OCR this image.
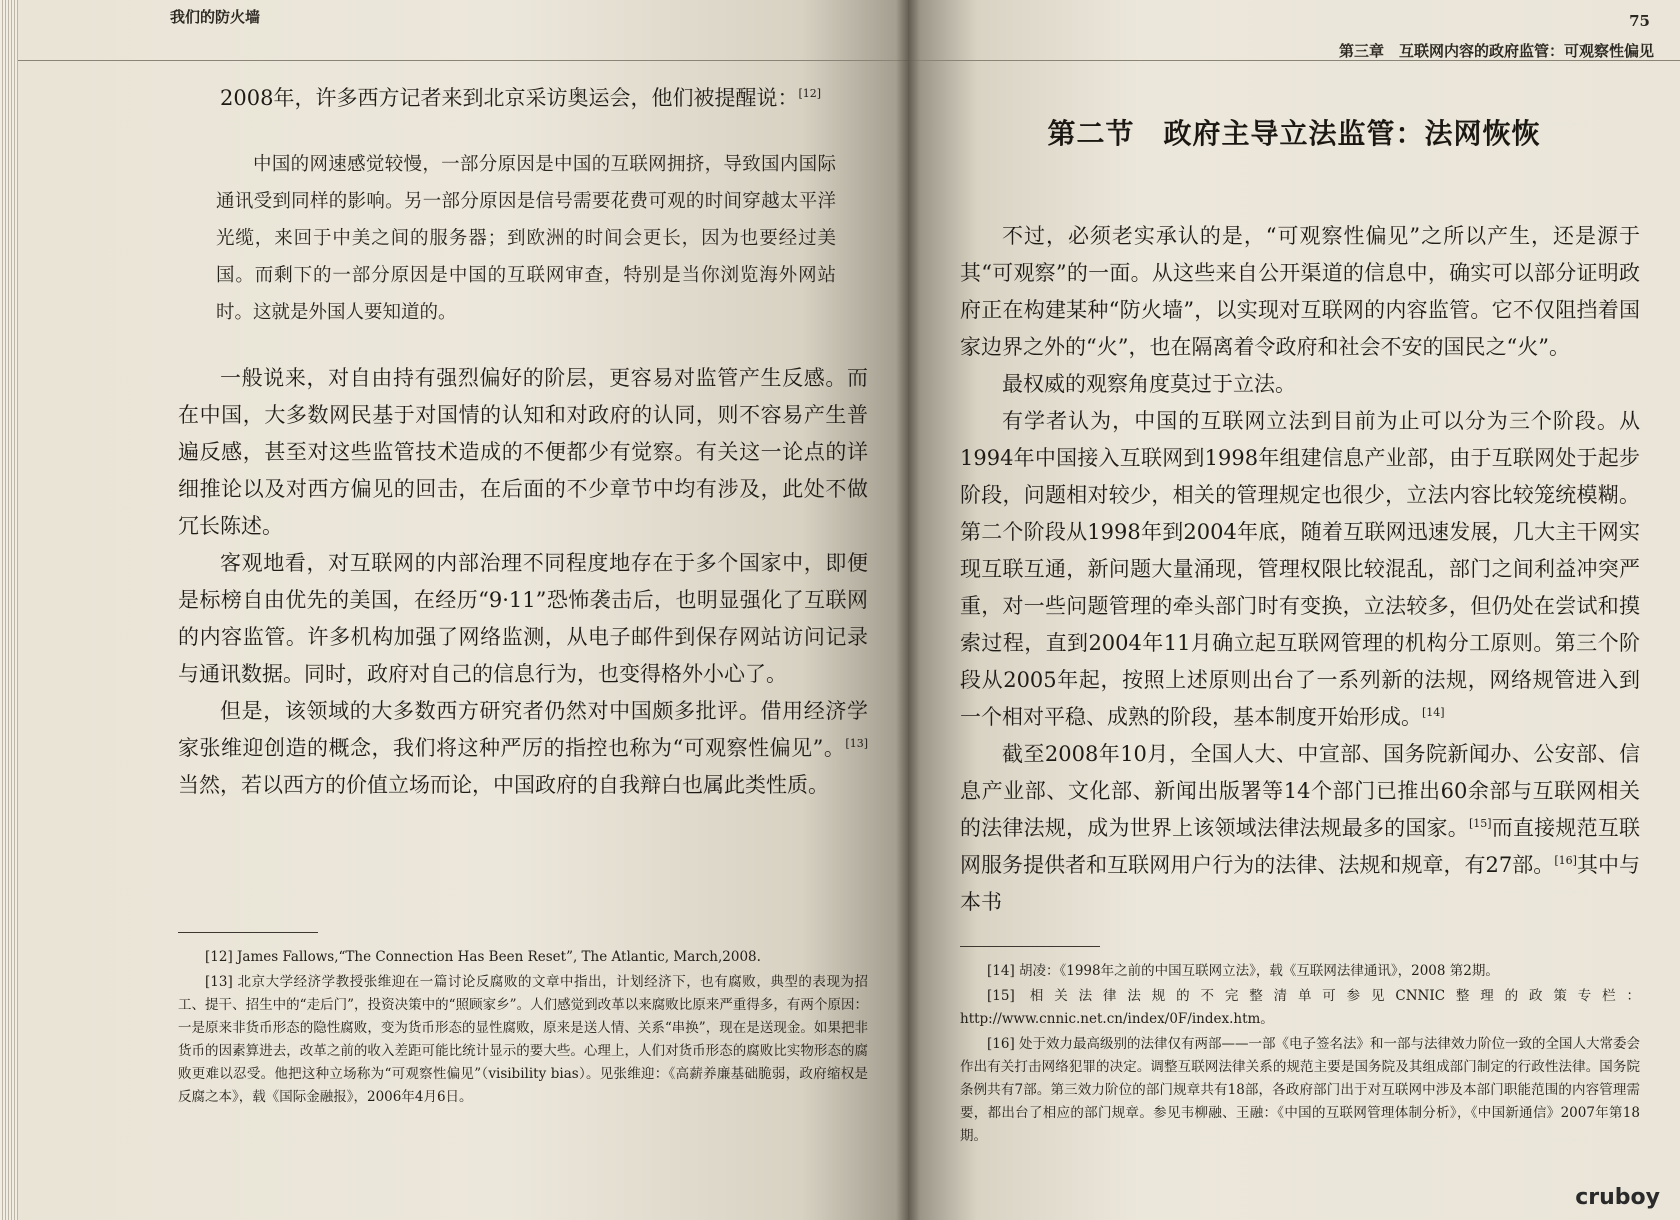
我们的防火墙

2008年，许多西方记者来到北京采访奥运会，他们被提醒说：[12]

中国的网速感觉较慢，一部分原因是中国的互联网拥挤，导致国内国际通讯受到同样的影响。另一部分原因是信号需要花费可观的时间穿越太平洋光缆，来回于中美之间的服务器；到欧洲的时间会更长，因为也要经过美国。而剩下的一部分原因是中国的互联网审查，特别是当你浏览海外网站时。这就是外国人要知道的。

一般说来，对自由持有强烈偏好的阶层，更容易对监管产生反感。而在中国，大多数网民基于对国情的认知和对政府的认同，则不容易产生普遍反感，甚至对这些监管技术造成的不便都少有觉察。有关这一论点的详细推论以及对西方偏见的回击，在后面的不少章节中均有涉及，此处不做冗长陈述。

客观地看，对互联网的内部治理不同程度地存在于多个国家中，即便是标榜自由优先的美国，在经历“9·11”恐怖袭击后，也明显强化了互联网的内容监管。许多机构加强了网络监测，从电子邮件到保存网站访问记录与通讯数据。同时，政府对自己的信息行为，也变得格外小心了。

但是，该领域的大多数西方研究者仍然对中国颇多批评。借用经济学家张维迎创造的概念，我们将这种严厉的指控也称为“可观察性偏见”。[13]当然，若以西方的价值立场而论，中国政府的自我辩白也属此类性质。

[12] James Fallows,“The Connection Has Been Reset”, The Atlantic, March,2008.

[13] 北京大学经济学教授张维迎在一篇讨论反腐败的文章中指出，计划经济下，也有腐败，典型的表现为招工、提干、招生中的“走后门”，投资决策中的“照顾家乡”。人们感觉到改革以来腐败比原来严重得多，有两个原因：一是原来非货币形态的隐性腐败，变为货币形态的显性腐败，原来是送人情、关系“串换”，现在是送现金。如果把非货币的因素算进去，改革之前的收入差距可能比统计显示的要大些。心理上，人们对货币形态的腐败比实物形态的腐败更难以忍受。他把这种立场称为“可观察性偏见”（visibility bias）。见张维迎：《高薪养廉基础脆弱，政府缩权是反腐之本》，载《国际金融报》，2006年4月6日。

75
第三章　互联网内容的政府监管：可观察性偏见
第二节　政府主导立法监管：法网恢恢

不过，必须老实承认的是，“可观察性偏见”之所以产生，还是源于其“可观察”的一面。从这些来自公开渠道的信息中，确实可以部分证明政府正在构建某种“防火墙”，以实现对互联网的内容监管。它不仅阻挡着国家边界之外的“火”，也在隔离着令政府和社会不安的国民之“火”。

最权威的观察角度莫过于立法。

有学者认为，中国的互联网立法到目前为止可以分为三个阶段。从1994年中国接入互联网到1998年组建信息产业部，由于互联网处于起步阶段，问题相对较少，相关的管理规定也很少，立法内容比较笼统模糊。第二个阶段从1998年到2004年底，随着互联网迅速发展，几大主干网实现互联互通，新问题大量涌现，管理权限比较混乱，部门之间利益冲突严重，对一些问题管理的牵头部门时有变换，立法较多，但仍处在尝试和摸索过程，直到2004年11月确立起互联网管理的机构分工原则。第三个阶段从2005年起，按照上述原则出台了一系列新的法规，网络规管进入到一个相对平稳、成熟的阶段，基本制度开始形成。[14]

截至2008年10月，全国人大、中宣部、国务院新闻办、公安部、信息产业部、文化部、新闻出版署等14个部门已推出60余部与互联网相关的法律法规，成为世界上该领域法律法规最多的国家。[15]而直接规范互联网服务提供者和互联网用户行为的法律、法规和规章，有27部。[16]其中与本书

[14] 胡凌：《1998年之前的中国互联网立法》，载《互联网法律通讯》，2008 第2期。

[15] 相关法律法规的不完整清单可参见CNNIC整理的政策专栏：http://www.cnnic.net.cn/index/0F/index.htm。

[16] 处于效力最高级别的法律仅有两部——一部《电子签名法》和一部与法律效力阶位一致的全国人大常委会作出有关打击网络犯罪的决定。调整互联网法律关系的规范主要是国务院及其组成部门制定的行政性法律。国务院条例共有7部。第三效力阶位的部门规章共有18部，各政府部门出于对互联网中涉及本部门职能范围的内容管理需要，都出台了相应的部门规章。参见韦柳融、王融：《中国的互联网管理体制分析》，《中国新通信》2007年第18期。

cruboy
